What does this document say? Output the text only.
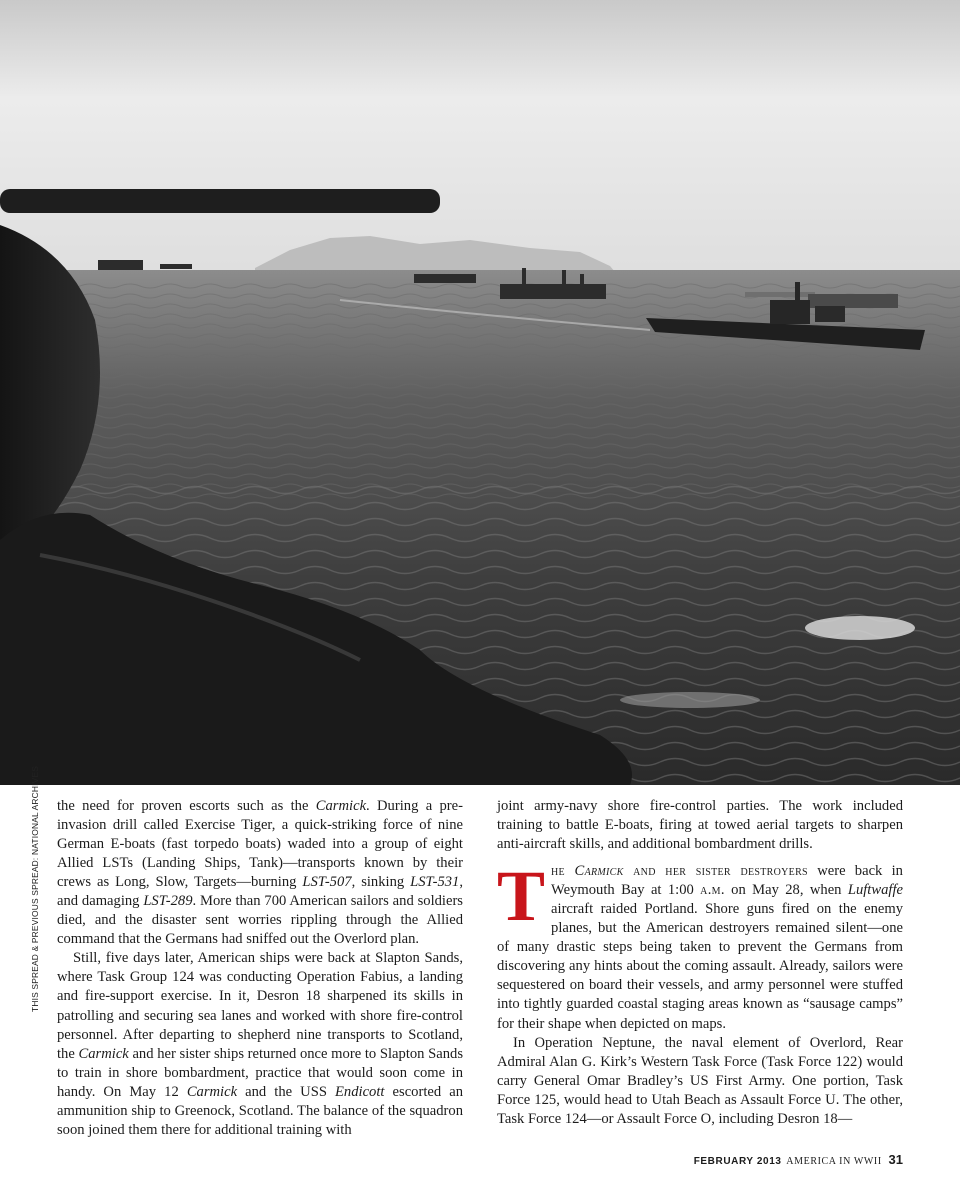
THIS SPREAD & PREVIOUS SPREAD: NATIONAL ARCHIVES the need for proven escorts such as the Carmick. During a pre-invasion drill called Exercise Tiger, a quick-striking force of nine German E-boats (fast torpedo boats) waded into a group of eight Allied LSTs (Landing Ships, Tank)—transports known by their crews as Long, Slow, Targets—burning LST-507, sinking LST-531, and damaging LST-289. More than 700 American sailors and soldiers died, and the disaster sent worries rippling through the Allied command that the Germans had sniffed out the Overlord plan.

Still, five days later, American ships were back at Slapton Sands, where Task Group 124 was conducting Operation Fabius, a landing and fire-support exercise. In it, Desron 18 sharpened its skills in patrolling and securing sea lanes and worked with shore fire-control personnel. After departing to shepherd nine transports to Scotland, the Carmick and her sister ships returned once more to Slapton Sands to train in shore bombardment, practice that would soon come in handy. On May 12 Carmick and the USS Endicott escorted an ammunition ship to Greenock, Scotland. The balance of the squadron soon joined them there for additional training with

joint army-navy shore fire-control parties. The work included training to battle E-boats, firing at towed aerial targets to sharpen anti-aircraft skills, and additional bombardment drills.

The Carmick and her sister destroyers were back in Weymouth Bay at 1:00 a.m. on May 28, when Luftwaffe aircraft raided Portland. Shore guns fired on the enemy planes, but the American destroyers remained silent—one of many drastic steps being taken to prevent the Germans from discovering any hints about the coming assault. Already, sailors were sequestered on board their vessels, and army personnel were stuffed into tightly guarded coastal staging areas known as “sausage camps” for their shape when depicted on maps.

In Operation Neptune, the naval element of Overlord, Rear Admiral Alan G. Kirk’s Western Task Force (Task Force 122) would carry General Omar Bradley’s US First Army. One portion, Task Force 125, would head to Utah Beach as Assault Force U. The other, Task Force 124—or Assault Force O, including Desron 18—

FEBRUARY 2013 AMERICA IN WWII 31
